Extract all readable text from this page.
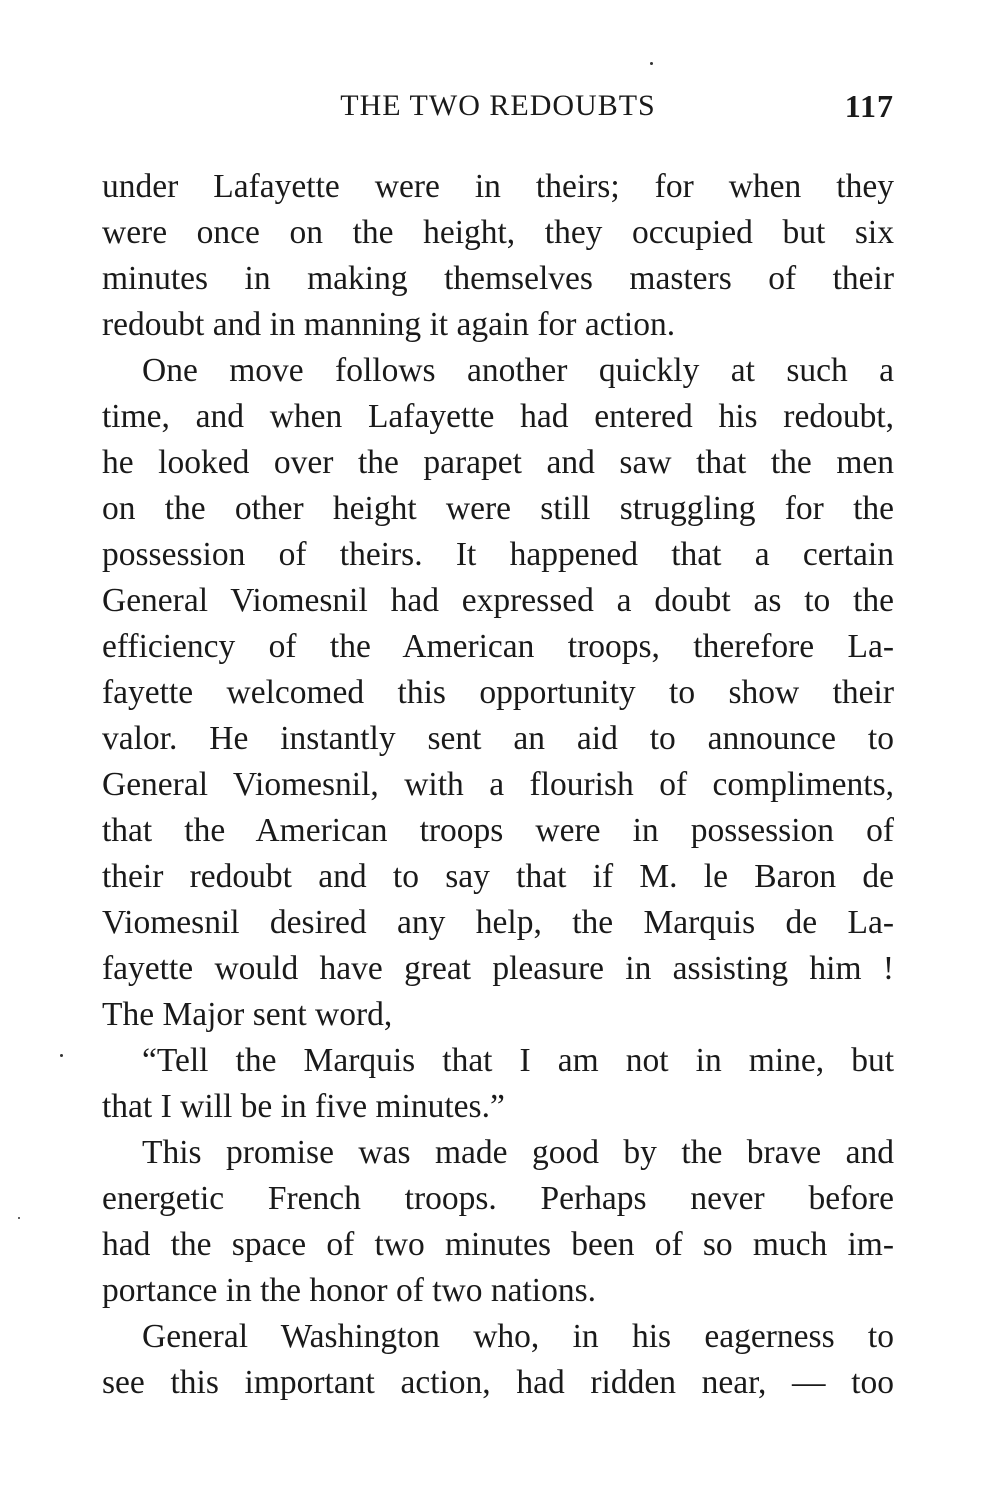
THE TWO REDOUBTS	117
under Lafayette were in theirs; for when they
were once on the height, they occupied but six
minutes in making themselves masters of their
redoubt and in manning it again for action.
One move follows another quickly at such a
time, and when Lafayette had entered his redoubt,
he looked over the parapet and saw that the men
on the other height were still struggling for the
possession of theirs. It happened that a certain
General Viomesnil had expressed a doubt as to the
efficiency of the American troops, therefore La-
fayette welcomed this opportunity to show their
valor. He instantly sent an aid to announce to
General Viomesnil, with a flourish of compliments,
that the American troops were in possession of
their redoubt and to say that if M. le Baron de
Viomesnil desired any help, the Marquis de La-
fayette would have great pleasure in assisting him !
The Major sent word,
“Tell the Marquis that I am not in mine, but
that I will be in five minutes.”
This promise was made good by the brave and
energetic French troops. Perhaps never before
had the space of two minutes been of so much im-
portance in the honor of two nations.
General Washington who, in his eagerness to
see this important action, had ridden near, — too
